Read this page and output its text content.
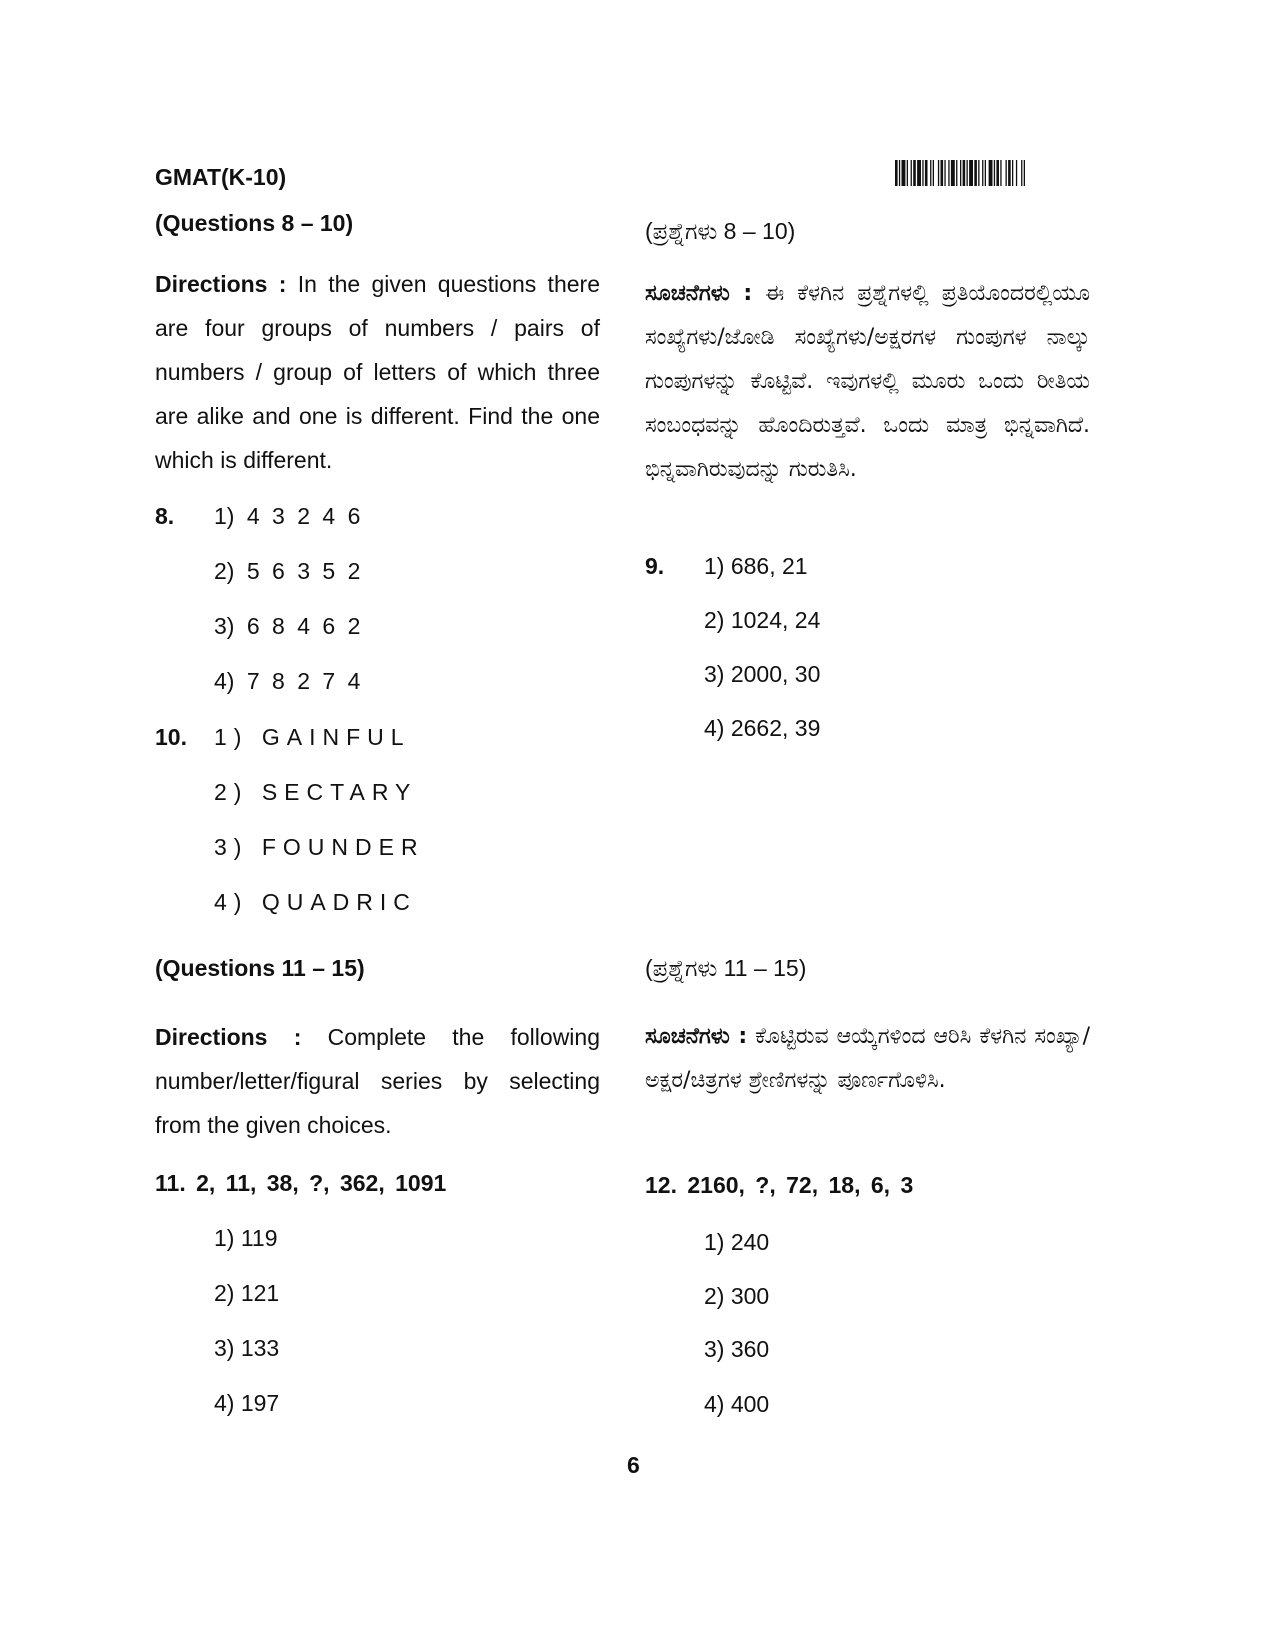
GMAT(K-10)
(Questions 8 – 10)	(ಪ್ರಶ್ನೆಗಳು 8 – 10)
Directions : In the given questions there are four groups of numbers / pairs of numbers / group of letters of which three are alike and one is different. Find the one which is different.
ಸೂಚನೆಗಳು : ಈ ಕೆಳಗಿನ ಪ್ರಶ್ನೆಗಳಲ್ಲಿ ಪ್ರತಿಯೊಂದರಲ್ಲಿಯೂ ಸಂಖ್ಯೆಗಳು/ಜೋಡಿ ಸಂಖ್ಯೆಗಳು/ಅಕ್ಷರಗಳ ಗುಂಪುಗಳ ನಾಲ್ಕು ಗುಂಪುಗಳನ್ನು ಕೊಟ್ಟಿವೆ. ಇವುಗಳಲ್ಲಿ ಮೂರು ಒಂದು ರೀತಿಯ ಸಂಬಂಧವನ್ನು ಹೊಂದಿರುತ್ತವೆ. ಒಂದು ಮಾತ್ರ ಭಿನ್ನವಾಗಿದೆ. ಭಿನ್ನವಾಗಿರುವುದನ್ನು ಗುರುತಿಸಿ.
8. 1) 4 3 2 4 6
2) 5 6 3 5 2
3) 6 8 4 6 2
4) 7 8 2 7 4
9. 1) 686, 21
2) 1024, 24
3) 2000, 30
4) 2662, 39
10. 1) GAINFUL
2) SECTARY
3) FOUNDER
4) QUADRIC
(Questions 11 – 15)	(ಪ್ರಶ್ನೆಗಳು 11 – 15)
Directions : Complete the following number/letter/figural series by selecting from the given choices.
ಸೂಚನೆಗಳು : ಕೊಟ್ಟಿರುವ ಆಯ್ಕೆಗಳಿಂದ ಆರಿಸಿ ಕೆಳಗಿನ ಸಂಖ್ಯಾ/ಅಕ್ಷರ/ಚಿತ್ರಗಳ ಶ್ರೇಣಿಗಳನ್ನು ಪೂರ್ಣಗೊಳಿಸಿ.
11. 2, 11, 38, ?, 362, 1091
1) 119
2) 121
3) 133
4) 197
12. 2160, ?, 72, 18, 6, 3
1) 240
2) 300
3) 360
4) 400
6
